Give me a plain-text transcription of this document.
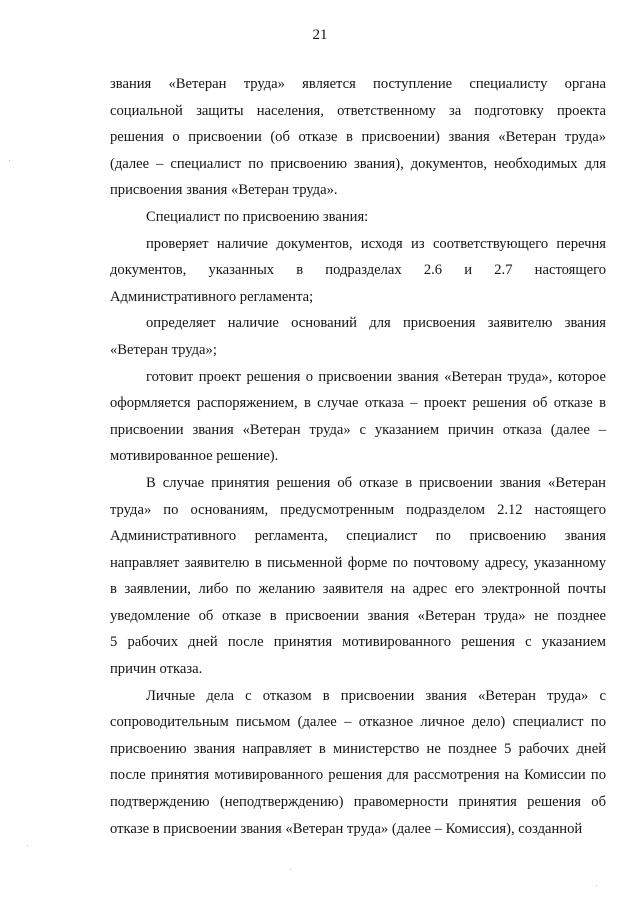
21
звания «Ветеран труда» является поступление специалисту органа
социальной защиты населения, ответственному за подготовку проекта
решения о присвоении (об отказе в присвоении) звания «Ветеран труда»
(далее – специалист по присвоению звания), документов, необходимых для
присвоения звания «Ветеран труда».
Специалист по присвоению звания:
проверяет наличие документов, исходя из соответствующего перечня
документов, указанных в подразделах 2.6 и 2.7 настоящего
Административного регламента;
определяет наличие оснований для присвоения заявителю звания
«Ветеран труда»;
готовит проект решения о присвоении звания «Ветеран труда», которое
оформляется распоряжением, в случае отказа – проект решения об отказе в
присвоении звания «Ветеран труда» с указанием причин отказа (далее –
мотивированное решение).
В случае принятия решения об отказе в присвоении звания «Ветеран
труда» по основаниям, предусмотренным подразделом 2.12 настоящего
Административного регламента, специалист по присвоению звания
направляет заявителю в письменной форме по почтовому адресу, указанному
в заявлении, либо по желанию заявителя на адрес его электронной почты
уведомление об отказе в присвоении звания «Ветеран труда» не позднее
5 рабочих дней после принятия мотивированного решения с указанием
причин отказа.
Личные дела с отказом в присвоении звания «Ветеран труда» с
сопроводительным письмом (далее – отказное личное дело) специалист по
присвоению звания направляет в министерство не позднее 5 рабочих дней
после принятия мотивированного решения для рассмотрения на Комиссии по
подтверждению (неподтверждению) правомерности принятия решения об
отказе в присвоении звания «Ветеран труда» (далее – Комиссия), созданной
